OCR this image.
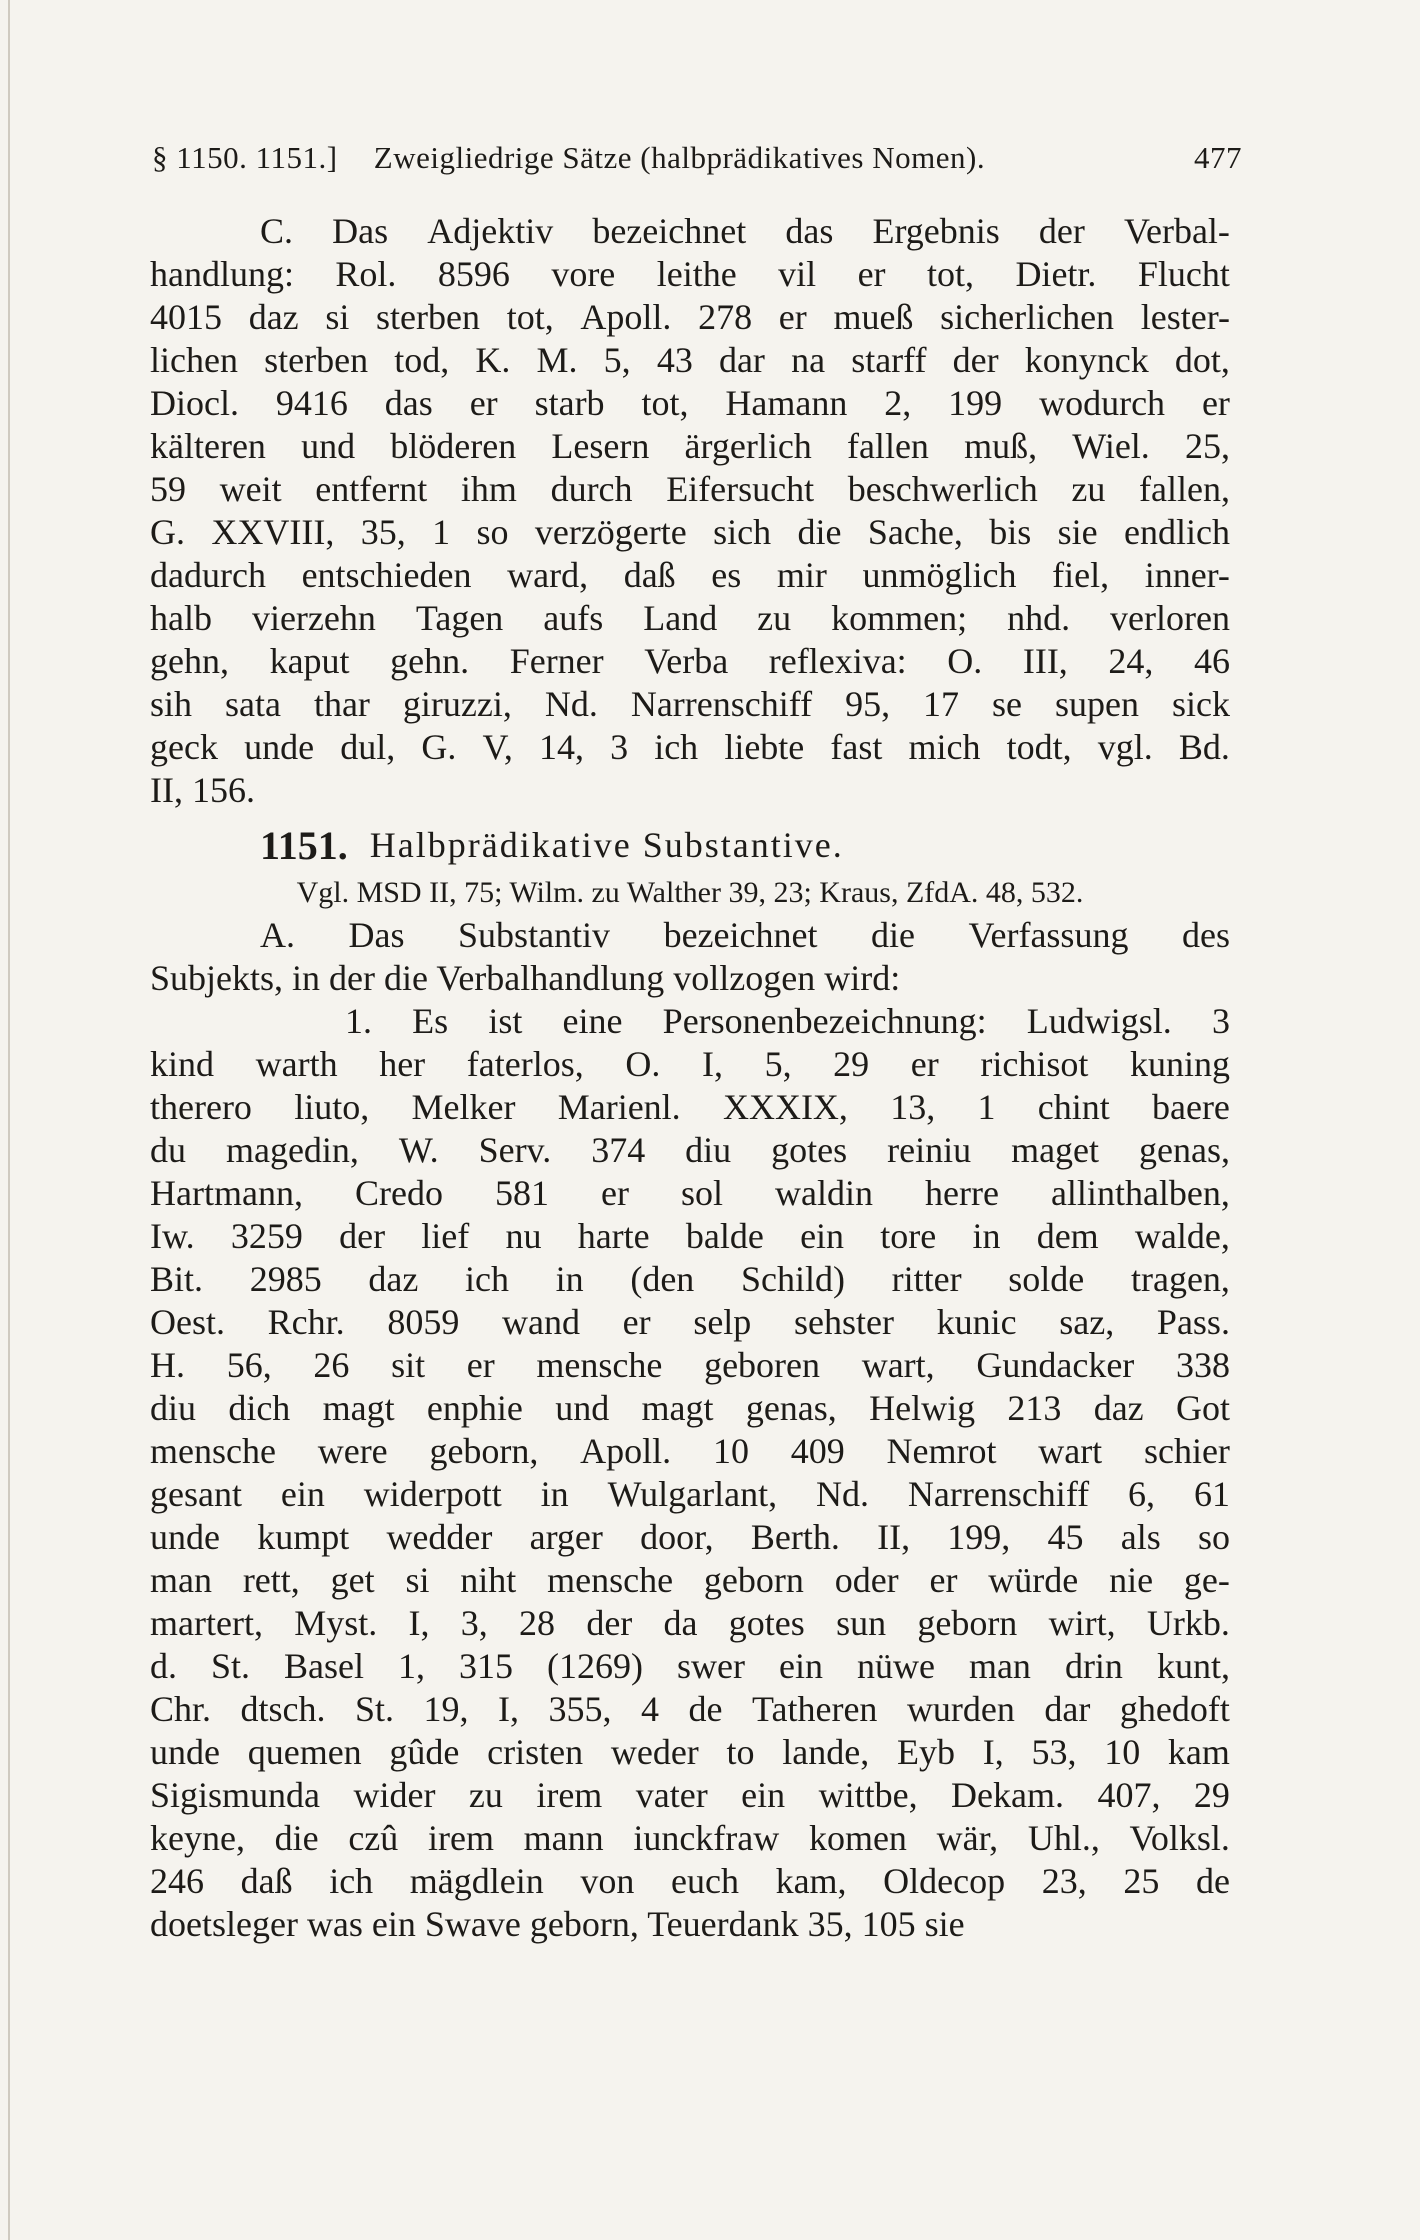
§ 1150. 1151.] Zweigliedrige Sätze (halbprädikatives Nomen).	477
C. Das Adjektiv bezeichnet das Ergebnis der Verbal-
handlung: Rol. 8596 vore leithe vil er tot, Dietr. Flucht
4015 daz si sterben tot, Apoll. 278 er mueß sicherlichen lester-
lichen sterben tod, K. M. 5, 43 dar na starff der konynck dot,
Diocl. 9416 das er starb tot, Hamann 2, 199 wodurch er
kälteren und blöderen Lesern ärgerlich fallen muß, Wiel. 25,
59 weit entfernt ihm durch Eifersucht beschwerlich zu fallen,
G. XXVIII, 35, 1 so verzögerte sich die Sache, bis sie endlich
dadurch entschieden ward, daß es mir unmöglich fiel, inner-
halb vierzehn Tagen aufs Land zu kommen; nhd. verloren
gehn, kaput gehn. Ferner Verba reflexiva: O. III, 24, 46
sih sata thar giruzzi, Nd. Narrenschiff 95, 17 se supen sick
geck unde dul, G. V, 14, 3 ich liebte fast mich todt, vgl. Bd.
II, 156.
1151. Halbprädikative Substantive.
Vgl. MSD II, 75; Wilm. zu Walther 39, 23; Kraus, ZfdA. 48, 532.
A. Das Substantiv bezeichnet die Verfassung des
Subjekts, in der die Verbalhandlung vollzogen wird:
1. Es ist eine Personenbezeichnung: Ludwigsl. 3
kind warth her faterlos, O. I, 5, 29 er richisot kuning
therero liuto, Melker Marienl. XXXIX, 13, 1 chint baere
du magedin, W. Serv. 374 diu gotes reiniu maget genas,
Hartmann, Credo 581 er sol waldin herre allinthalben,
Iw. 3259 der lief nu harte balde ein tore in dem walde,
Bit. 2985 daz ich in (den Schild) ritter solde tragen,
Oest. Rchr. 8059 wand er selp sehster kunic saz, Pass.
H. 56, 26 sit er mensche geboren wart, Gundacker 338
diu dich magt enphie und magt genas, Helwig 213 daz Got
mensche were geborn, Apoll. 10 409 Nemrot wart schier
gesant ein widerpott in Wulgarlant, Nd. Narrenschiff 6, 61
unde kumpt wedder arger door, Berth. II, 199, 45 als so
man rett, get si niht mensche geborn oder er würde nie ge-
martert, Myst. I, 3, 28 der da gotes sun geborn wirt, Urkb.
d. St. Basel 1, 315 (1269) swer ein nüwe man drin kunt,
Chr. dtsch. St. 19, I, 355, 4 de Tatheren wurden dar ghedoft
unde quemen gûde cristen weder to lande, Eyb I, 53, 10 kam
Sigismunda wider zu irem vater ein wittbe, Dekam. 407, 29
keyne, die czû irem mann iunckfraw komen wär, Uhl., Volksl.
246 daß ich mägdlein von euch kam, Oldecop 23, 25 de
doetsleger was ein Swave geborn, Teuerdank 35, 105 sie
